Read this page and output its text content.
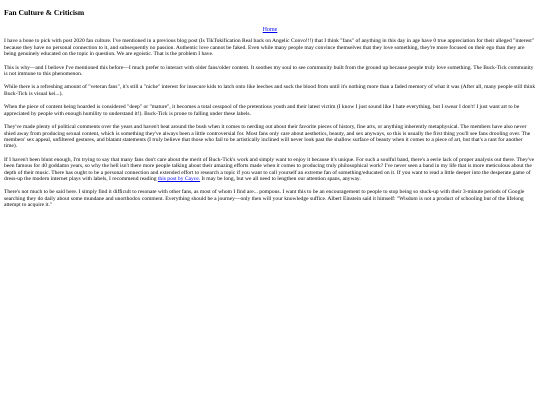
Fan Culture & Criticism
Home

I have a bone to pick with post 2020 fan culture. I've mentioned in a previous blog post (Is TikTokification Real back on Angelic Convo!!!) that I think "fans" of anything in this day in age have 0 true appreciation for their alleged "interest" because they have no personal connection to it, and subsequently no passion. Authentic love cannot be faked. Even while many people may convince themselves that they love something, they're more focused on their ego than they are being genuinely educated on the topic in question. We are egoistic. That is the problem I have.

This is why—and I believe I've mentioned this before—I much prefer to interact with older fans/older content. It soothes my soul to see community built from the ground up because people truly love something. The Buck-Tick community is not immune to this phenomenon.

While there is a refreshing amount of "veteran fans", it's still a "niche" interest for insecure kids to latch onto like leeches and suck the blood from until it's nothing more than a faded memory of what it was (After all, many people still think Buck-Tick is visual kei...).

When the piece of content being hoarded is considered "deep" or "mature", it becomes a total cesspool of the pretentious youth and their latest victim (I know I just sound like I hate everything, but I swear I don't! I just want art to be appreciated by people with enough humility to understand it!). Buck-Tick is prone to falling under these labels.

They've made plenty of political comments over the years and haven't beat around the bush when it comes to nerding out about their favorite pieces of history, fine arts, or anything inherently metaphysical. The members have also never shied away from producing sexual content, which is something they've always been a little controversial for. Most fans only care about aesthetics, beauty, and sex anyways, so this is usually the first thing you'll see fans drooling over. The members' sex appeal, unfiltered gestures, and blatant statements (I truly believe that those who fail to be artistically inclined will never look past the shallow surface of beauty when it comes to a piece of art, but that's a rant for another time).

If I haven't been blunt enough, I'm trying to say that many fans don't care about the merit of Buck-Tick's work and simply want to enjoy it because it's unique. For such a soulful band, there's a eerie lack of proper analysis out there. They've been famous for 40 goddamn years, so why the hell isn't there more people talking about their amazing efforts made when it comes to producing truly philosophical work? I've never seen a band in my life that is more meticulous about the depth of their music. There has ought to be a personal connection and extended effort to research a topic if you want to call yourself an extreme fan of something/educated on it. If you want to read a little deeper into the desperate game of dress-up the modern internet plays with labels, I recommend reading this post by Cayce. It may be long, but we all need to lengthen our attention spans, anyway.

There's not much to be said here. I simply find it difficult to resonate with other fans, as most of whom I find are... pompous. I want this to be an encouragement to people to stop being so stuck-up with their 3-minute periods of Google searching they do daily about some mundane and unorthodox comment. Everything should be a journey—only then will your knowledge suffice. Albert Einstein said it himself: "Wisdom is not a product of schooling but of the lifelong attempt to acquire it."
